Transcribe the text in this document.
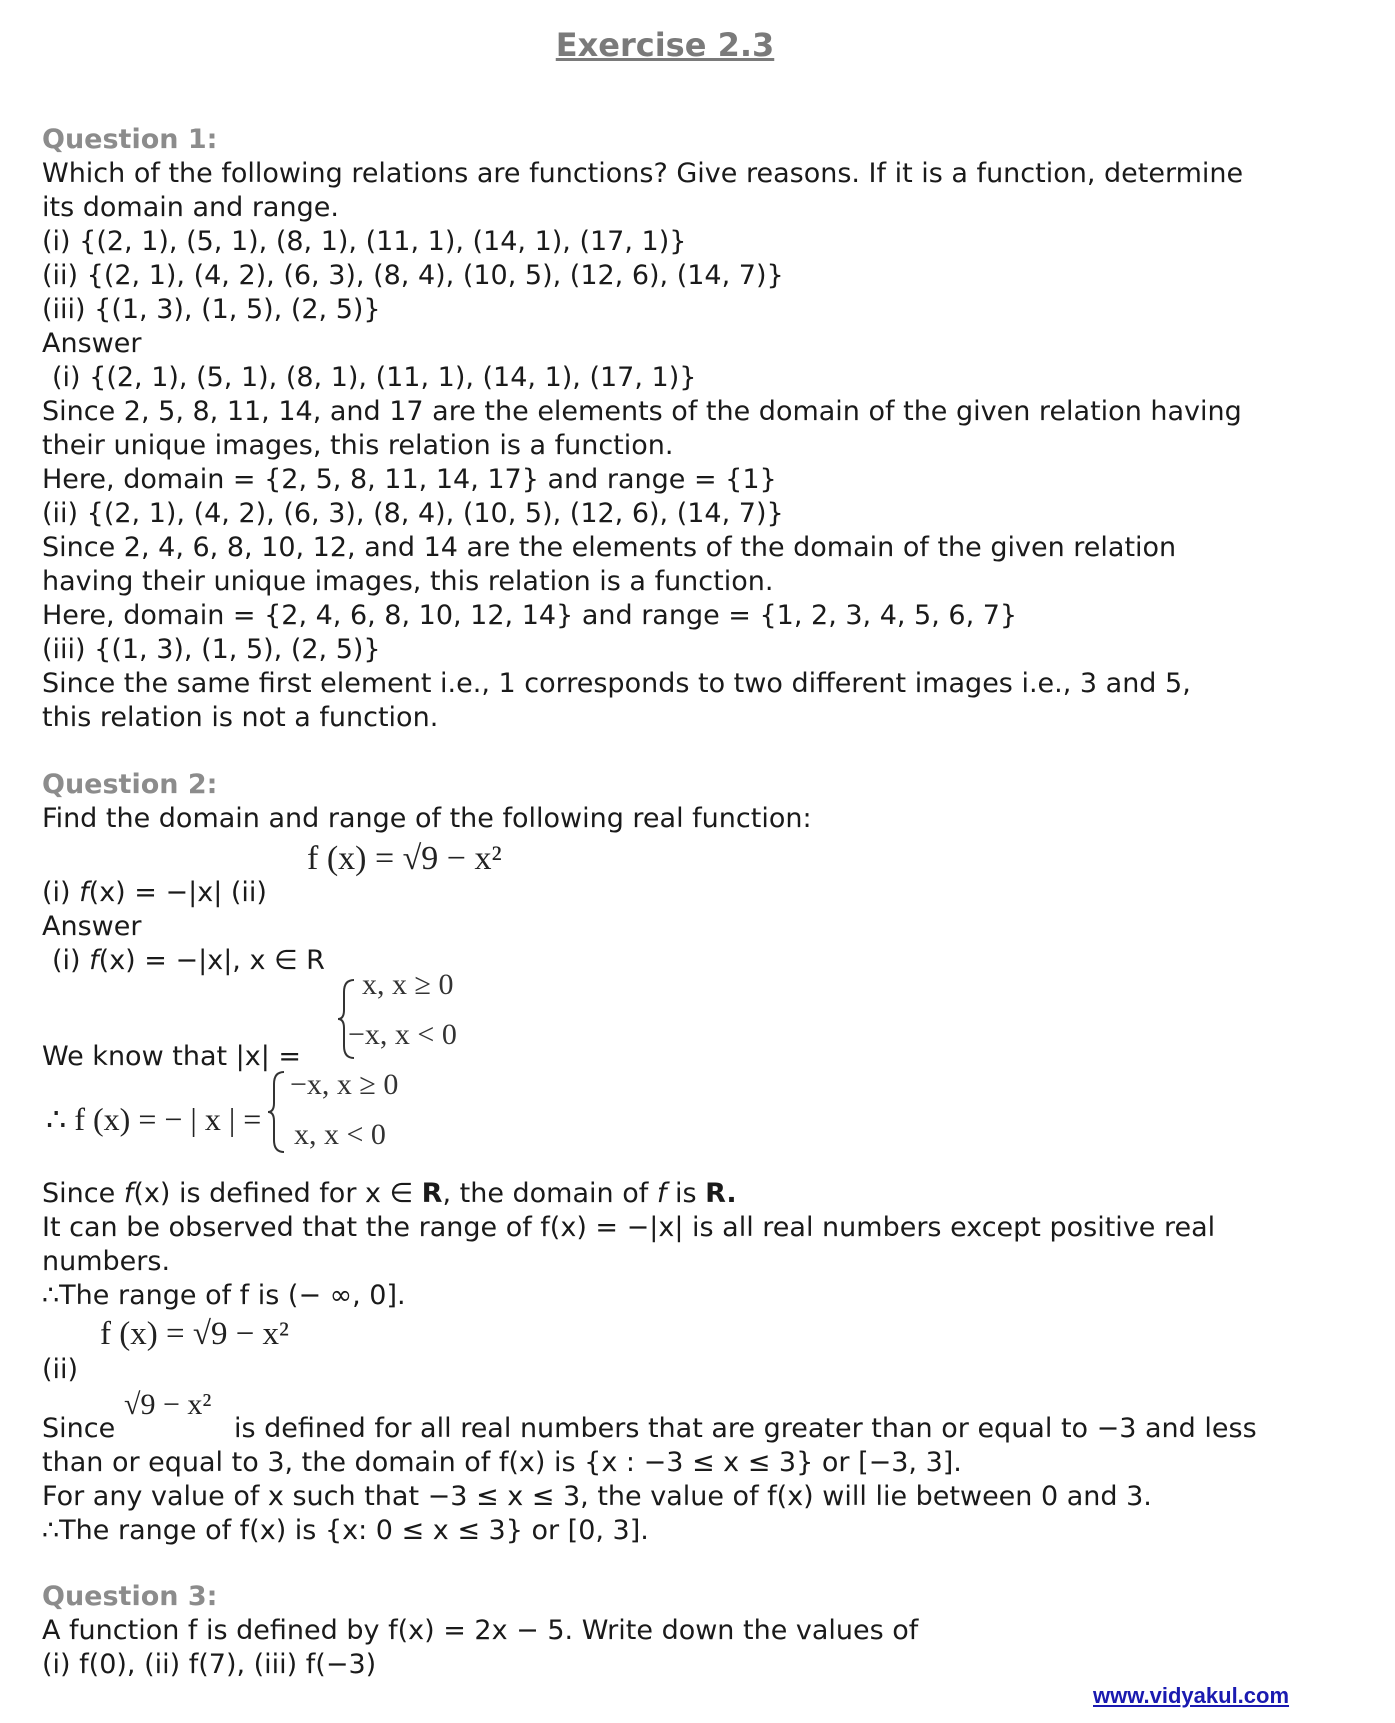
Exercise 2.3
Question 1:
Which of the following relations are functions? Give reasons. If it is a function, determine
its domain and range.
(i) {(2, 1), (5, 1), (8, 1), (11, 1), (14, 1), (17, 1)}
(ii) {(2, 1), (4, 2), (6, 3), (8, 4), (10, 5), (12, 6), (14, 7)}
(iii) {(1, 3), (1, 5), (2, 5)}
Answer
(i) {(2, 1), (5, 1), (8, 1), (11, 1), (14, 1), (17, 1)}
Since 2, 5, 8, 11, 14, and 17 are the elements of the domain of the given relation having
their unique images, this relation is a function.
Here, domain = {2, 5, 8, 11, 14, 17} and range = {1}
(ii) {(2, 1), (4, 2), (6, 3), (8, 4), (10, 5), (12, 6), (14, 7)}
Since 2, 4, 6, 8, 10, 12, and 14 are the elements of the domain of the given relation
having their unique images, this relation is a function.
Here, domain = {2, 4, 6, 8, 10, 12, 14} and range = {1, 2, 3, 4, 5, 6, 7}
(iii) {(1, 3), (1, 5), (2, 5)}
Since the same first element i.e., 1 corresponds to two different images i.e., 3 and 5,
this relation is not a function.
Question 2:
Find the domain and range of the following real function:
f (x) = √9 − x²
(i) f(x) = −|x| (ii)
Answer
(i) f(x) = −|x|, x ∈ R
x, x ≥ 0
−x, x < 0
We know that |x| =
∴ f (x) = − | x | =
−x, x ≥ 0
x, x < 0
Since f(x) is defined for x ∈ R, the domain of f is R.
It can be observed that the range of f(x) = −|x| is all real numbers except positive real
numbers.
∴The range of f is (− ∞, 0].
f (x) = √9 − x²
(ii)
√9 − x²
Since	is defined for all real numbers that are greater than or equal to −3 and less
than or equal to 3, the domain of f(x) is {x : −3 ≤ x ≤ 3} or [−3, 3].
For any value of x such that −3 ≤ x ≤ 3, the value of f(x) will lie between 0 and 3.
∴The range of f(x) is {x: 0 ≤ x ≤ 3} or [0, 3].
Question 3:
A function f is defined by f(x) = 2x − 5. Write down the values of
(i) f(0), (ii) f(7), (iii) f(−3)
www.vidyakul.com
